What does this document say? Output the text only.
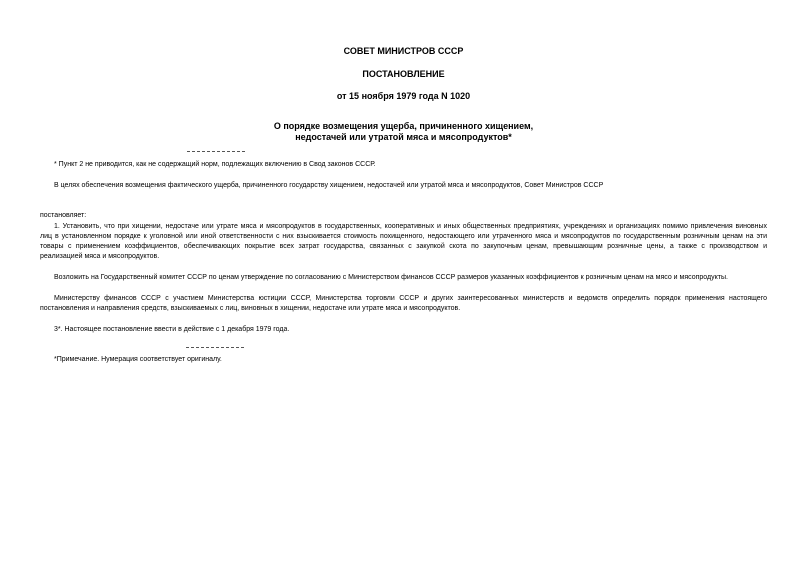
СОВЕТ МИНИСТРОВ СССР
ПОСТАНОВЛЕНИЕ
от 15 ноября 1979 года N 1020
О порядке возмещения ущерба, причиненного хищением,
недостачей или утратой мяса и мясопродуктов*
* Пункт 2 не приводится, как не содержащий норм, подлежащих включению в Свод законов СССР.
В целях обеспечения возмещения фактического ущерба, причиненного государству хищением, недостачей или утратой мяса и мясопродуктов, Совет Министров СССР
постановляет:
1. Установить, что при хищении, недостаче или утрате мяса и мясопродуктов в государственных, кооперативных и иных общественных предприятиях, учреждениях и организациях помимо привлечения виновных
лиц в установленном порядке к уголовной или иной ответственности с них взыскивается стоимость похищенного, недостающего или утраченного мяса и мясопродуктов по государственным розничным ценам на эти
товары с применением коэффициентов, обеспечивающих покрытие всех затрат государства, связанных с закупкой скота по закупочным ценам, превышающим розничные цены, а также с производством и
реализацией мяса и мясопродуктов.
Возложить на Государственный комитет СССР по ценам утверждение по согласованию с Министерством финансов СССР размеров указанных коэффициентов к розничным ценам на мясо и мясопродукты.
Министерству финансов СССР с участием Министерства юстиции СССР, Министерства торговли СССР и других заинтересованных министерств и ведомств определить порядок применения настоящего
постановления и направления средств, взыскиваемых с лиц, виновных в хищении, недостаче или утрате мяса и мясопродуктов.
3*. Настоящее постановление ввести в действие с 1 декабря 1979 года.
*Примечание. Нумерация соответствует оригиналу.
